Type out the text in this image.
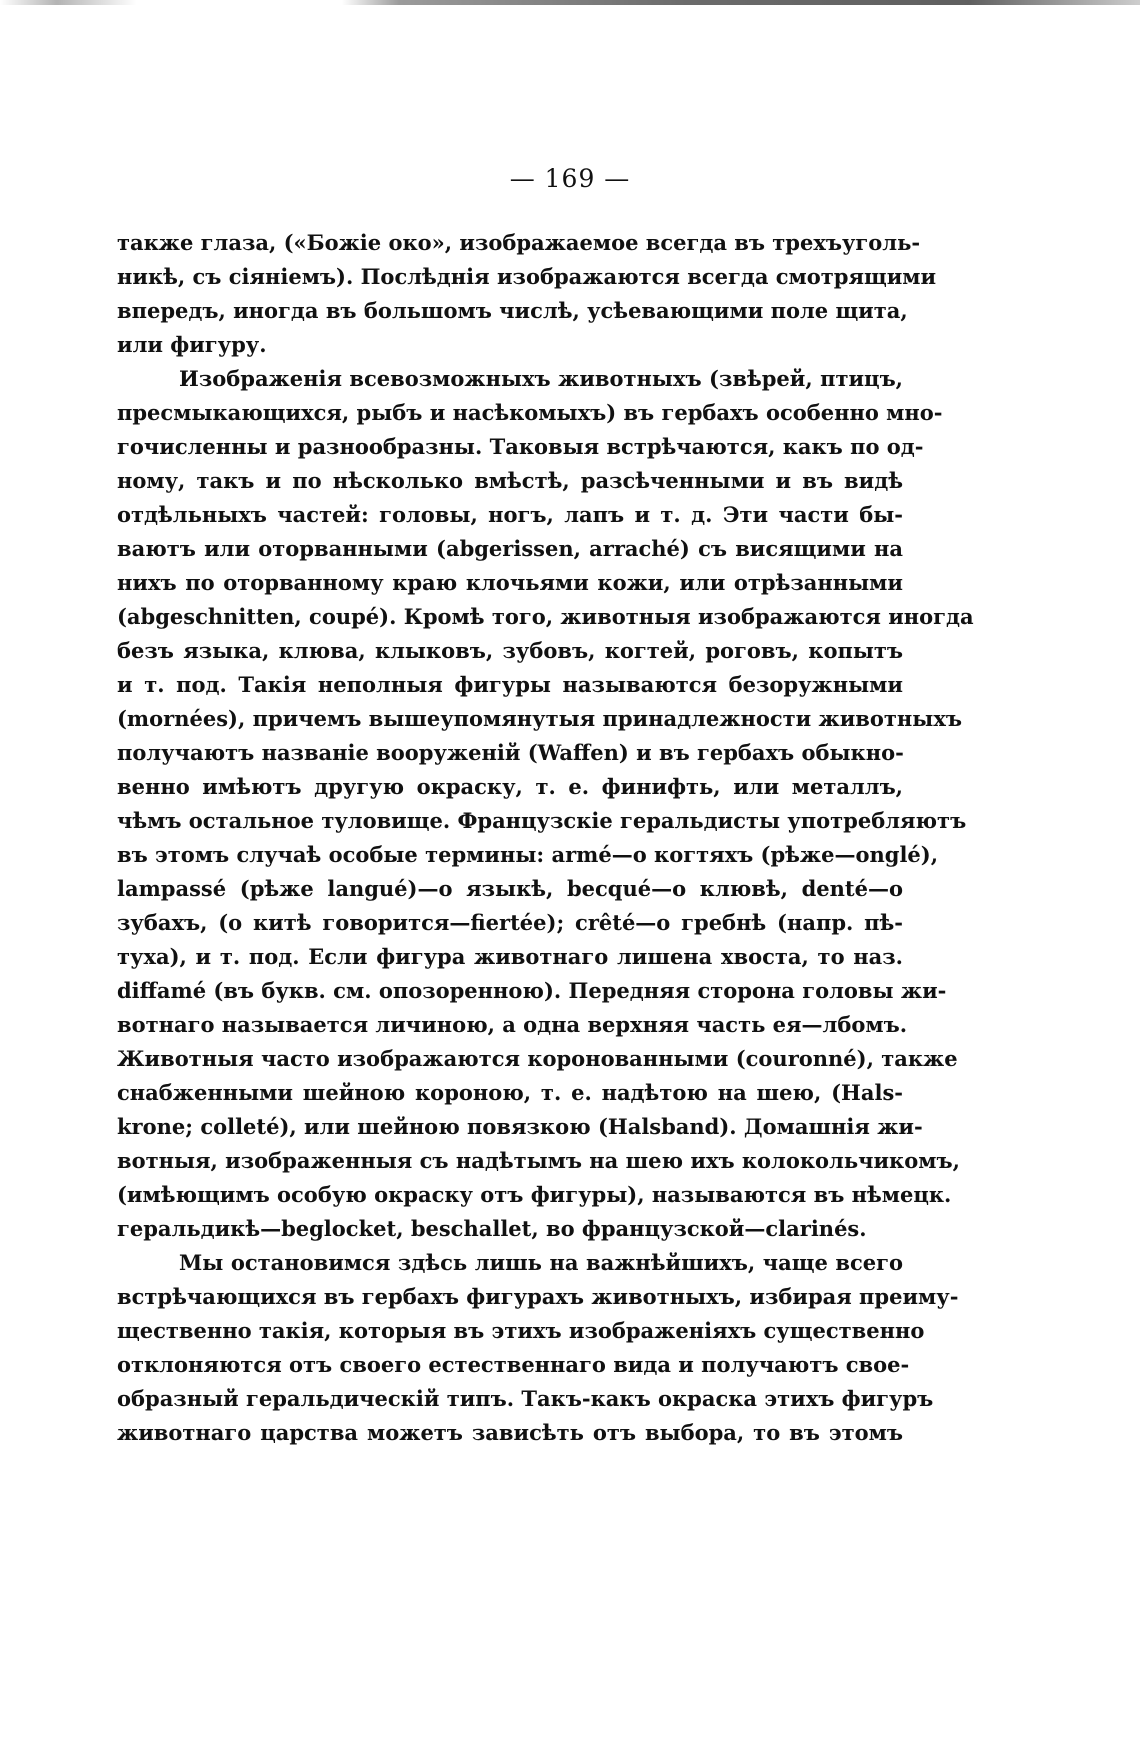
— 169 —
также глаза, («Божіе око», изображаемое всегда въ трехъуголь-
никѣ, съ сіяніемъ). Послѣднія изображаются всегда смотрящими
впередъ, иногда въ большомъ числѣ, усѣевающими поле щита,
или фигуру.
Изображенія всевозможныхъ животныхъ (звѣрей, птицъ,
пресмыкающихся, рыбъ и насѣкомыхъ) въ гербахъ особенно мно-
гочисленны и разнообразны. Таковыя встрѣчаются, какъ по од-
ному, такъ и по нѣсколько вмѣстѣ, разсѣченными и въ видѣ
отдѣльныхъ частей: головы, ногъ, лапъ и т. д. Эти части бы-
ваютъ или оторванными (abgerissen, arraché) съ висящими на
нихъ по оторванному краю клочьями кожи, или отрѣзанными
(abgeschnitten, coupé). Кромѣ того, животныя изображаются иногда
безъ языка, клюва, клыковъ, зубовъ, когтей, роговъ, копытъ
и т. под. Такія неполныя фигуры называются безоружными
(mornées), причемъ вышеупомянутыя принадлежности животныхъ
получаютъ названіе вооруженій (Waffen) и въ гербахъ обыкно-
венно имѣютъ другую окраску, т. е. финифть, или металлъ,
чѣмъ остальное туловище. Французскіе геральдисты употребляютъ
въ этомъ случаѣ особые термины: armé—о когтяхъ (рѣже—onglé),
lampassé (рѣже langué)—о языкѣ, becqué—о клювѣ, denté—о
зубахъ, (о китѣ говорится—fiertée); crêté—о гребнѣ (напр. пѣ-
туха), и т. под. Если фигура животнаго лишена хвоста, то наз.
diffamé (въ букв. см. опозоренною). Передняя сторона головы жи-
вотнаго называется личиною, а одна верхняя часть ея—лбомъ.
Животныя часто изображаются коронованными (couronné), также
снабженными шейною короною, т. е. надѣтою на шею, (Hals-
krone; colleté), или шейною повязкою (Halsband). Домашнія жи-
вотныя, изображенныя съ надѣтымъ на шею ихъ колокольчикомъ,
(имѣющимъ особую окраску отъ фигуры), называются въ нѣмецк.
геральдикѣ—beglocket, beschallet, во французской—clarinés.
Мы остановимся здѣсь лишь на важнѣйшихъ, чаще всего
встрѣчающихся въ гербахъ фигурахъ животныхъ, избирая преиму-
щественно такія, которыя въ этихъ изображеніяхъ существенно
отклоняются отъ своего естественнаго вида и получаютъ свое-
образный геральдическій типъ. Такъ-какъ окраска этихъ фигуръ
животнаго царства можетъ зависѣть отъ выбора, то въ этомъ
